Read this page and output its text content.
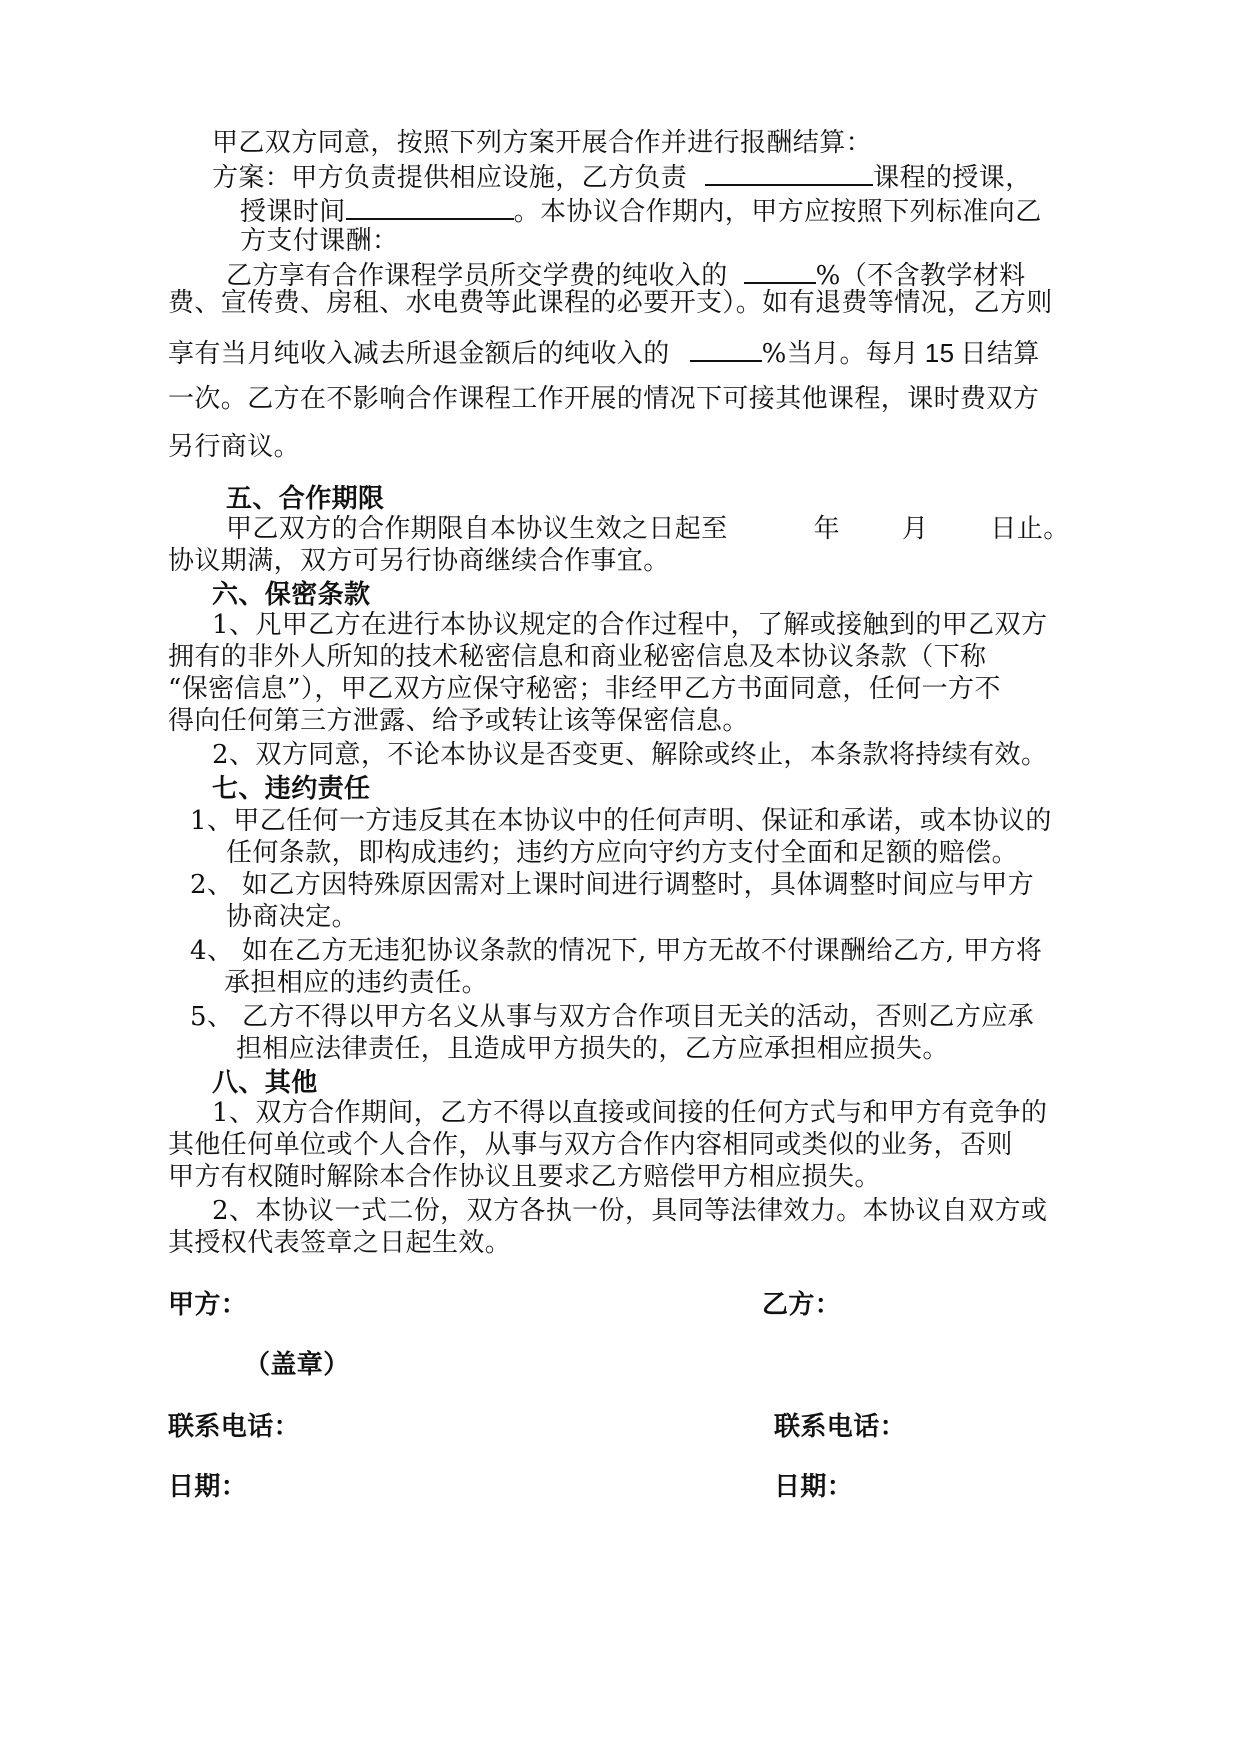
甲乙双方同意，按照下列方案开展合作并进行报酬结算：
方案：甲方负责提供相应设施，乙方负责	课程的授课，
授课时间	。本协议合作期内，甲方应按照下列标准向乙
方支付课酬：
乙方享有合作课程学员所交学费的纯收入的	%（不含教学材料
费、宣传费、房租、水电费等此课程的必要开支）。如有退费等情况，乙方则
享有当月纯收入减去所退金额后的纯收入的	%当月。每月 15 日结算
一次。乙方在不影响合作课程工作开展的情况下可接其他课程，课时费双方
另行商议。
五、合作期限
甲乙双方的合作期限自本协议生效之日起至	年 月 日止。
协议期满，双方可另行协商继续合作事宜。
六、保密条款
1、凡甲乙方在进行本协议规定的合作过程中，了解或接触到的甲乙双方
拥有的非外人所知的技术秘密信息和商业秘密信息及本协议条款（下称
“保密信息”），甲乙双方应保守秘密；非经甲乙方书面同意，任何一方不
得向任何第三方泄露、给予或转让该等保密信息。
2、双方同意，不论本协议是否变更、解除或终止，本条款将持续有效。
七、违约责任
1、甲乙任何一方违反其在本协议中的任何声明、保证和承诺，或本协议的
任何条款，即构成违约；违约方应向守约方支付全面和足额的赔偿。
2、 如乙方因特殊原因需对上课时间进行调整时，具体调整时间应与甲方
协商决定。
4、 如在乙方无违犯协议条款的情况下, 甲方无故不付课酬给乙方, 甲方将
承担相应的违约责任。
5、 乙方不得以甲方名义从事与双方合作项目无关的活动，否则乙方应承
担相应法律责任，且造成甲方损失的，乙方应承担相应损失。
八、其他
1、双方合作期间，乙方不得以直接或间接的任何方式与和甲方有竞争的
其他任何单位或个人合作，从事与双方合作内容相同或类似的业务，否则
甲方有权随时解除本合作协议且要求乙方赔偿甲方相应损失。
2、本协议一式二份，双方各执一份，具同等法律效力。本协议自双方或
其授权代表签章之日起生效。
甲方：	乙方：
（盖章）
联系电话：	联系电话：
日期：	日期：
